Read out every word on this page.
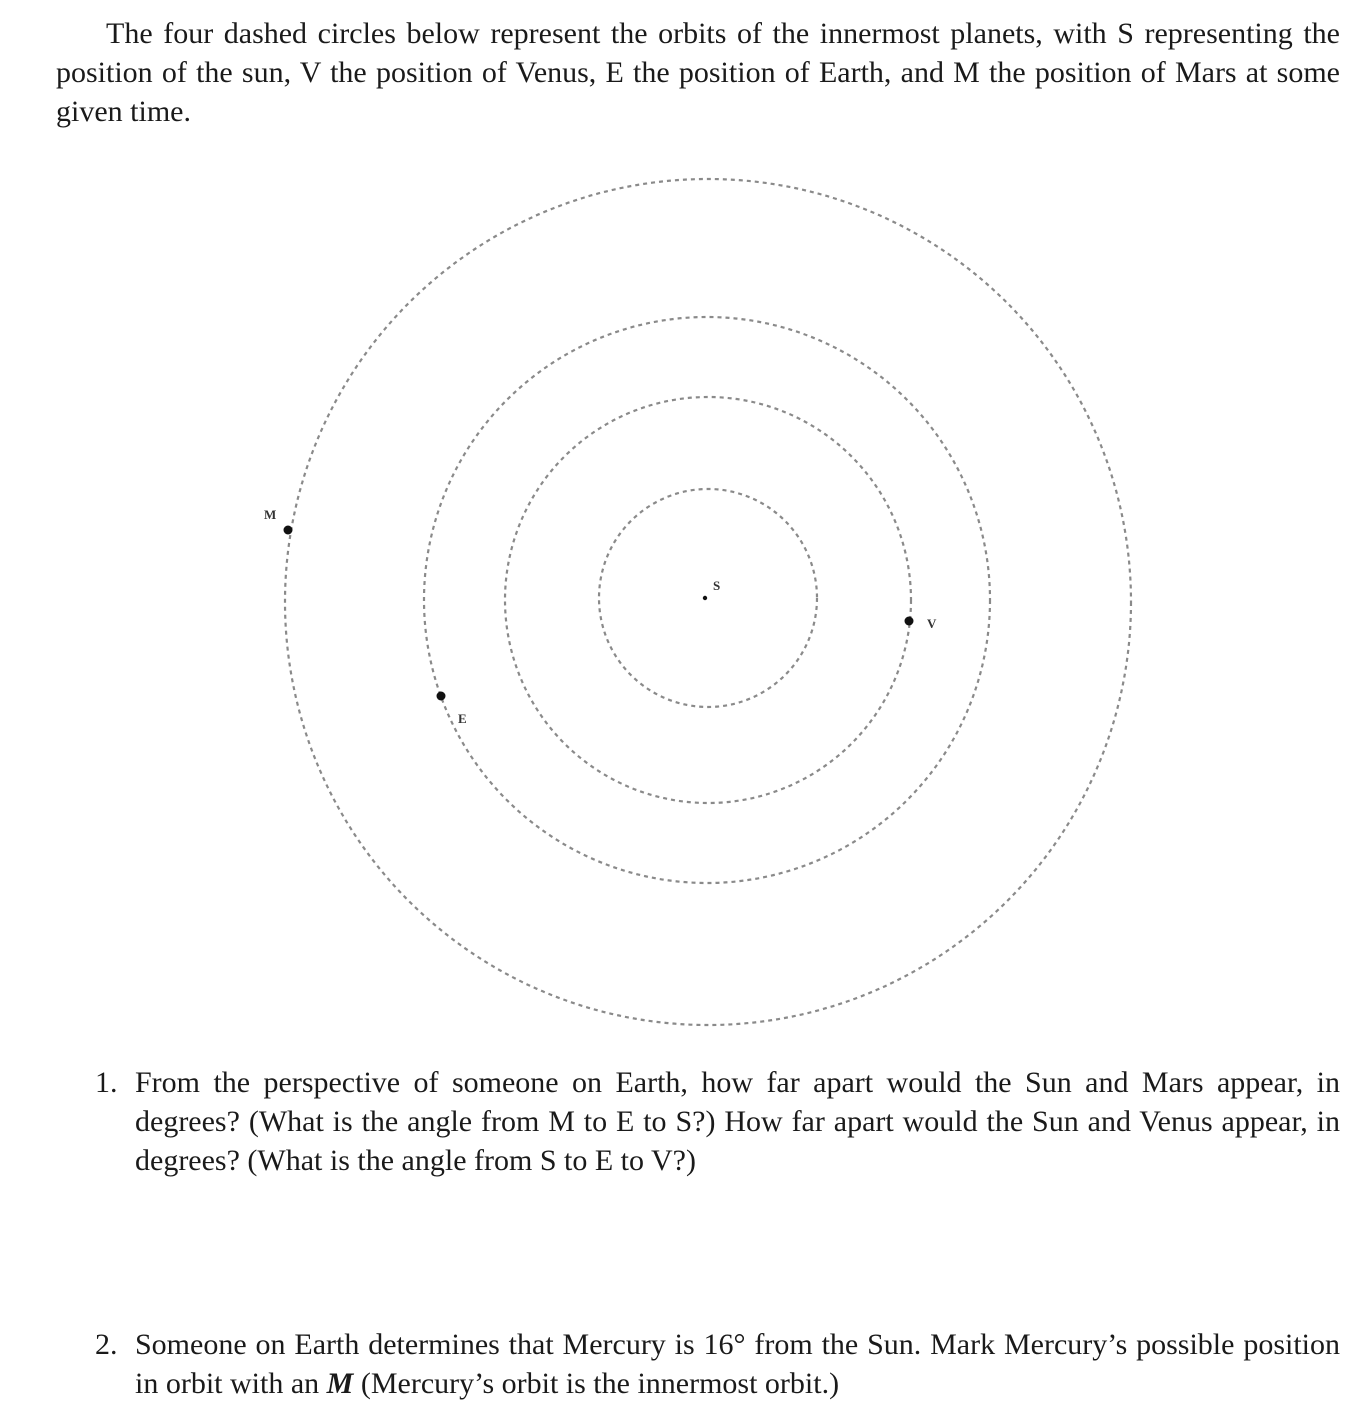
The four dashed circles below represent the orbits of the innermost planets, with S representing the position of the sun, V the position of Venus, E the position of Earth, and M the position of Mars at some given time.

S
V
E
M
1. From the perspective of someone on Earth, how far apart would the Sun and Mars appear, in degrees? (What is the angle from M to E to S?) How far apart would the Sun and Venus appear, in degrees? (What is the angle from S to E to V?)
2. Someone on Earth determines that Mercury is 16° from the Sun. Mark Mercury’s possible position in orbit with an M (Mercury’s orbit is the innermost orbit.)
